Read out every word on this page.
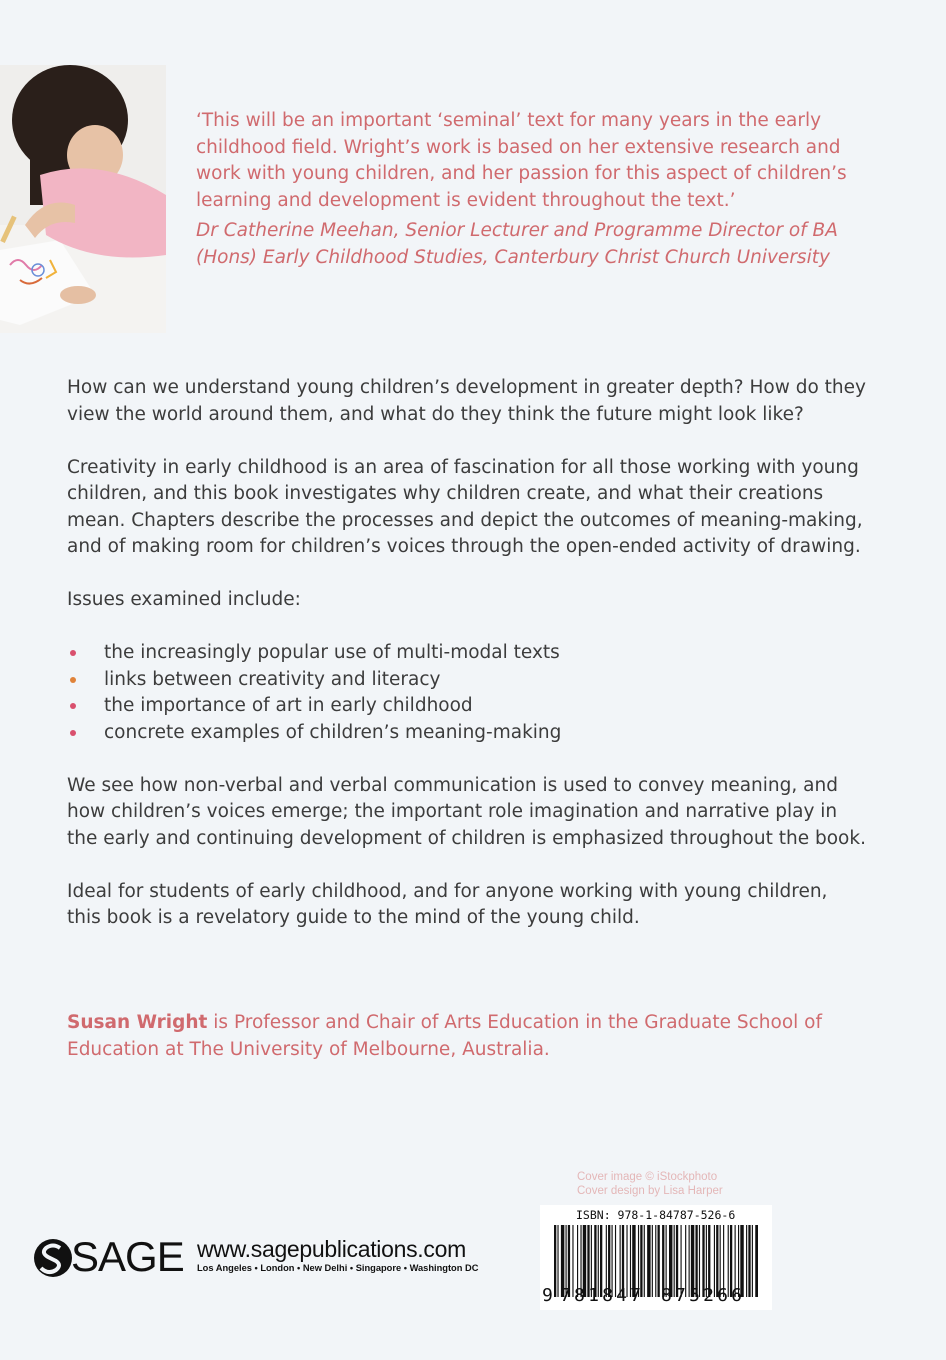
‘This will be an important ‘seminal’ text for many years in the early childhood field. Wright’s work is based on her extensive research and work with young children, and her passion for this aspect of children’s learning and development is evident throughout the text.’

Dr Catherine Meehan, Senior Lecturer and Programme Director of BA (Hons) Early Childhood Studies, Canterbury Christ Church University

How can we understand young children’s development in greater depth? How do they view the world around them, and what do they think the future might look like?

Creativity in early childhood is an area of fascination for all those working with young children, and this book investigates why children create, and what their creations mean. Chapters describe the processes and depict the outcomes of meaning-making, and of making room for children’s voices through the open-ended activity of drawing.

Issues examined include:

the increasingly popular use of multi-modal texts
links between creativity and literacy
the importance of art in early childhood
concrete examples of children’s meaning-making

We see how non-verbal and verbal communication is used to convey meaning, and how children’s voices emerge; the important role imagination and narrative play in the early and continuing development of children is emphasized throughout the book.

Ideal for students of early childhood, and for anyone working with young children, this book is a revelatory guide to the mind of the young child.

Susan Wright is Professor and Chair of Arts Education in the Graduate School of Education at The University of Melbourne, Australia.
Cover image © iStockphoto
Cover design by Lisa Harper
ISBN: 978-1-84787-526-6
9 781847 875266
SAGE www.sagepublications.com
Los Angeles • London • New Delhi • Singapore • Washington DC
